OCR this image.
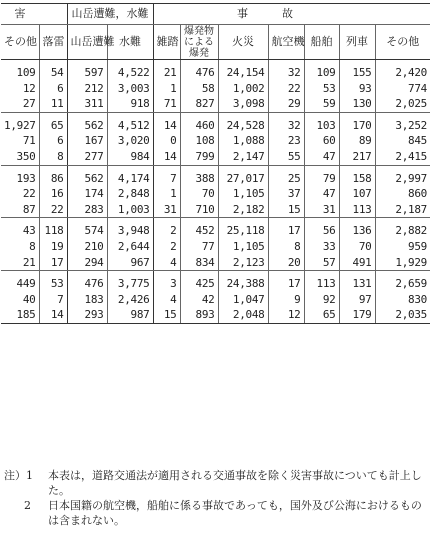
害		山岳遭難，水難		事			故			
その他	落雷	山岳遭難	水難	雑踏	爆発物による爆発	火災	航空機	船舶	列車	その他

109	54	597	4,522	21	476	24,154	32	109	155	2,420
12	6	212	3,003	1	58	1,002	22	53	93	774
27	11	311	918	71	827	3,098	29	59	130	2,025

1,927	65	562	4,512	14	460	24,528	32	103	170	3,252
71	6	167	3,020	0	108	1,088	23	60	89	845
350	8	277	984	14	799	2,147	55	47	217	2,415

193	86	562	4,174	7	388	27,017	25	79	158	2,997
22	16	174	2,848	1	70	1,105	37	47	107	860
87	22	283	1,003	31	710	2,182	15	31	113	2,187

43	118	574	3,948	2	452	25,118	17	56	136	2,882
8	19	210	2,644	2	77	1,105	8	33	70	959
21	17	294	967	4	834	2,123	20	57	491	1,929

449	53	476	3,775	3	425	24,388	17	113	131	2,659
40	7	183	2,426	4	42	1,047	9	92	97	830
185	14	293	987	15	893	2,048	12	65	179	2,035
注）1	本表は，道路交通法が適用される交通事故を除く災害事故についても計上した。
2	日本国籍の航空機，船舶に係る事故であっても，国外及び公海におけるものは含まれない。
